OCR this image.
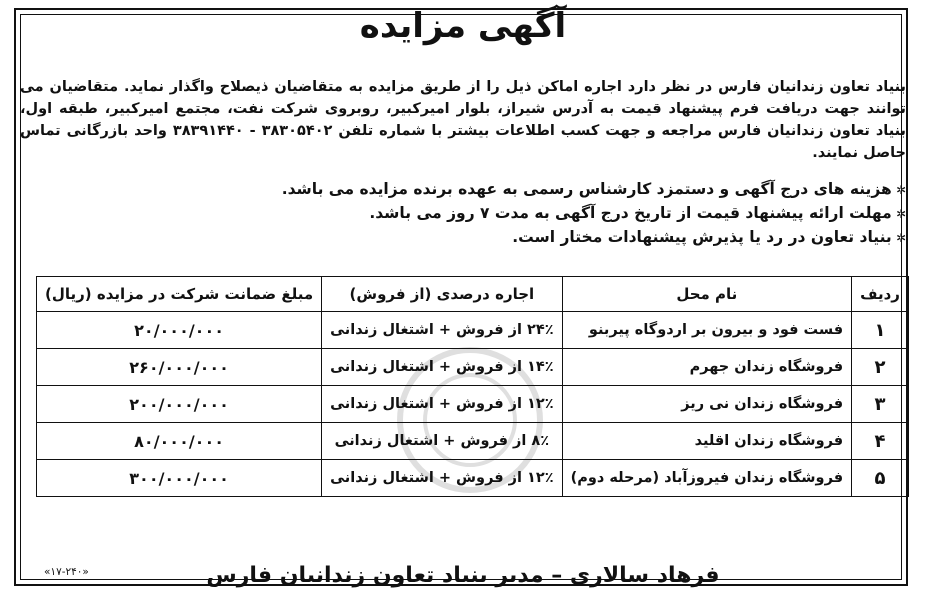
آگهی مزایده
بنیاد تعاون زندانیان فارس در نظر دارد اجاره اماکن ذیل را از طریق مزایده به متقاضیان ذیصلاح واگذار نماید. متقاضیان می توانند جهت دریافت فرم پیشنهاد قیمت به آدرس شیراز، بلوار امیرکبیر، روبروی شرکت نفت، مجتمع امیرکبیر، طبقه اول، بنیاد تعاون زندانیان فارس مراجعه و جهت کسب اطلاعات بیشتر با شماره تلفن ۳۸۳۰۵۴۰۲ - ۳۸۳۹۱۴۴۰ واحد بازرگانی تماس حاصل نمایند.
✲ هزینه های درج آگهی و دستمزد کارشناس رسمی به عهده برنده مزایده می باشد.
✲ مهلت ارائه پیشنهاد قیمت از تاریخ درج آگهی به مدت ۷ روز می باشد.
✲ بنیاد تعاون در رد یا پذیرش پیشنهادات مختار است.
ردیف	نام محل	اجاره درصدی (از فروش)	مبلغ ضمانت شرکت در مزایده (ریال)
۱	فست فود و بیرون بر اردوگاه پیربنو	۲۴٪ از فروش + اشتغال زندانی	۲۰/۰۰۰/۰۰۰
۲	فروشگاه زندان جهرم	۱۴٪ از فروش + اشتغال زندانی	۲۶۰/۰۰۰/۰۰۰
۳	فروشگاه زندان نی ریز	۱۲٪ از فروش + اشتغال زندانی	۲۰۰/۰۰۰/۰۰۰
۴	فروشگاه زندان اقلید	۸٪ از فروش + اشتغال زندانی	۸۰/۰۰۰/۰۰۰
۵	فروشگاه زندان فیروزآباد (مرحله دوم)	۱۲٪ از فروش + اشتغال زندانی	۳۰۰/۰۰۰/۰۰۰
فرهاد سالاری – مدیر بنیاد تعاون زندانیان فارس
«۱۷-۲۴۰»
